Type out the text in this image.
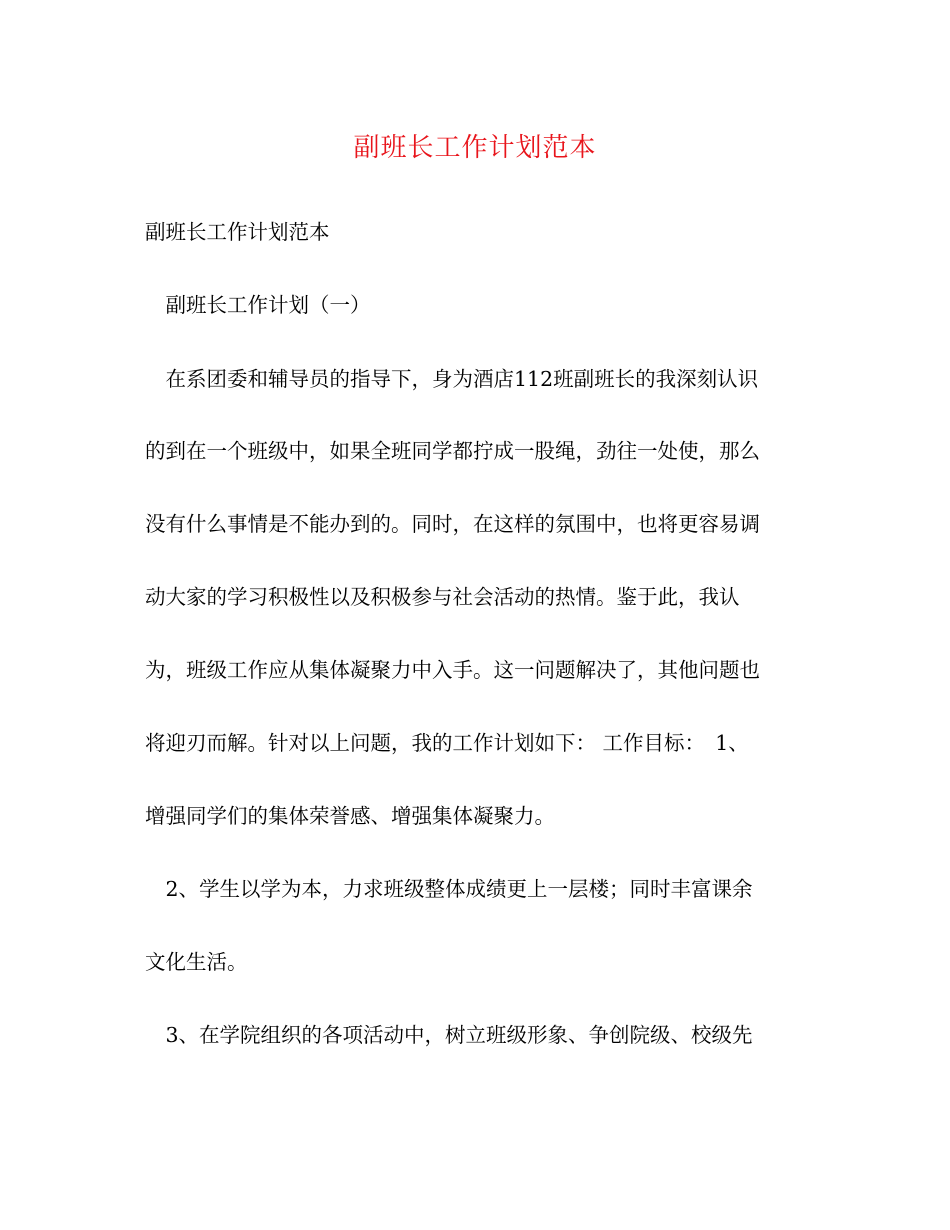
副班长工作计划范本
副班长工作计划范本
　副班长工作计划（一）
　在系团委和辅导员的指导下，身为酒店112班副班长的我深刻认识
的到在一个班级中，如果全班同学都拧成一股绳，劲往一处使，那么
没有什么事情是不能办到的。同时，在这样的氛围中，也将更容易调
动大家的学习积极性以及积极参与社会活动的热情。鉴于此，我认
为，班级工作应从集体凝聚力中入手。这一问题解决了，其他问题也
将迎刃而解。针对以上问题，我的工作计划如下： 工作目标：　1、
增强同学们的集体荣誉感、增强集体凝聚力。
　2、学生以学为本，力求班级整体成绩更上一层楼；同时丰富课余
文化生活。
　3、在学院组织的各项活动中，树立班级形象、争创院级、校级先
